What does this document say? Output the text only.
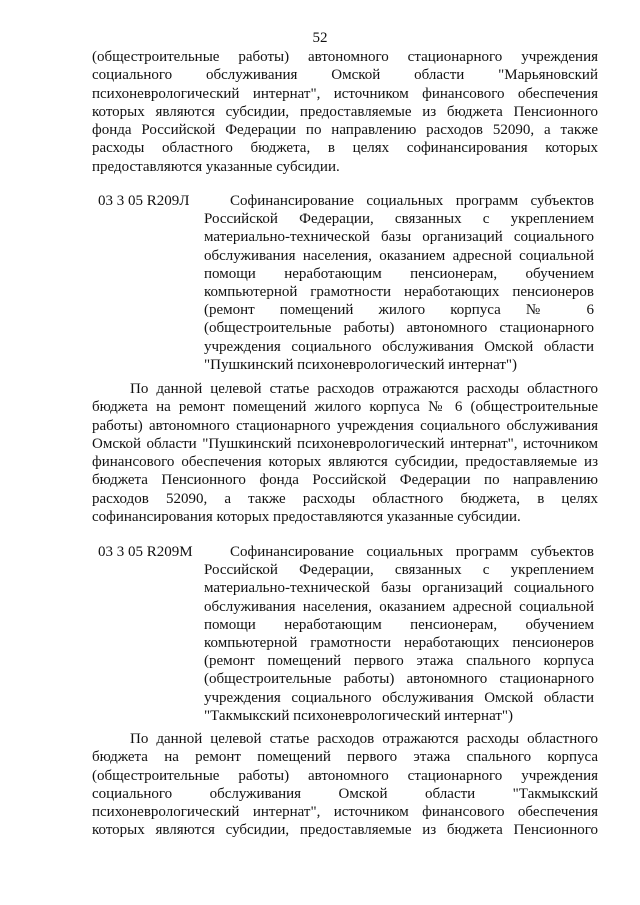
52
(общестроительные работы) автономного стационарного учреждения
социального обслуживания Омской области "Марьяновский
психоневрологический интернат", источником финансового обеспечения
которых являются субсидии, предоставляемые из бюджета Пенсионного
фонда Российской Федерации по направлению расходов 52090, а также
расходы областного бюджета, в целях софинансирования которых
предоставляются указанные субсидии.
03 3 05 R209Л	Софинансирование социальных программ субъектов
Российской Федерации, связанных с укреплением
материально-технической базы организаций социального
обслуживания населения, оказанием адресной социальной
помощи неработающим пенсионерам, обучением
компьютерной грамотности неработающих пенсионеров
(ремонт помещений жилого корпуса № 6
(общестроительные работы) автономного стационарного
учреждения социального обслуживания Омской области
"Пушкинский психоневрологический интернат")
По данной целевой статье расходов отражаются расходы областного
бюджета на ремонт помещений жилого корпуса № 6 (общестроительные
работы) автономного стационарного учреждения социального обслуживания
Омской области "Пушкинский психоневрологический интернат", источником
финансового обеспечения которых являются субсидии, предоставляемые из
бюджета Пенсионного фонда Российской Федерации по направлению
расходов 52090, а также расходы областного бюджета, в целях
софинансирования которых предоставляются указанные субсидии.
03 3 05 R209М	Софинансирование социальных программ субъектов
Российской Федерации, связанных с укреплением
материально-технической базы организаций социального
обслуживания населения, оказанием адресной социальной
помощи неработающим пенсионерам, обучением
компьютерной грамотности неработающих пенсионеров
(ремонт помещений первого этажа спального корпуса
(общестроительные работы) автономного стационарного
учреждения социального обслуживания Омской области
"Такмыкский психоневрологический интернат")
По данной целевой статье расходов отражаются расходы областного
бюджета на ремонт помещений первого этажа спального корпуса
(общестроительные работы) автономного стационарного учреждения
социального обслуживания Омской области "Такмыкский
психоневрологический интернат", источником финансового обеспечения
которых являются субсидии, предоставляемые из бюджета Пенсионного
